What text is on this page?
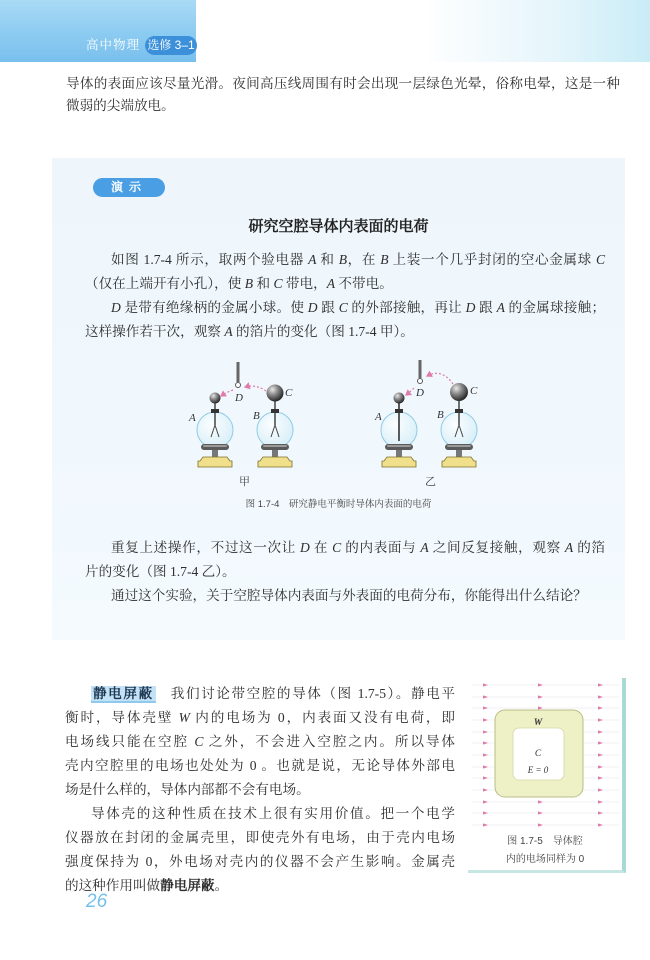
高中物理 选修 3–1
导体的表面应该尽量光滑。夜间高压线周围有时会出现一层绿色光晕，俗称电晕，这是一种
微弱的尖端放电。
演示
研究空腔导体内表面的电荷
如图 1.7-4 所示，取两个验电器 A 和 B，在 B 上装一个几乎封闭的空心金属球 C
（仅在上端开有小孔），使 B 和 C 带电，A 不带电。
D 是带有绝缘柄的金属小球。使 D 跟 C 的外部接触，再让 D 跟 A 的金属球接触；
这样操作若干次，观察 A 的箔片的变化（图 1.7-4 甲）。
A	B
C
D
甲
A	B
C
D
乙
图 1.7-4　研究静电平衡时导体内表面的电荷
重复上述操作，不过这一次让 D 在 C 的内表面与 A 之间反复接触，观察 A 的箔
片的变化（图 1.7-4 乙）。
通过这个实验，关于空腔导体内表面与外表面的电荷分布，你能得出什么结论？
静电屏蔽　我们讨论带空腔的导体（图 1.7-5）。静电平
衡时，导体壳壁 W 内的电场为 0，内表面又没有电荷，即
电场线只能在空腔 C 之外，不会进入空腔之内。所以导体
壳内空腔里的电场也处处为 0 。也就是说，无论导体外部电
场是什么样的，导体内部都不会有电场。
导体壳的这种性质在技术上很有实用价值。把一个电学
仪器放在封闭的金属壳里，即使壳外有电场，由于壳内电场
强度保持为 0，外电场对壳内的仪器不会产生影响。金属壳
的这种作用叫做静电屏蔽。
W
C
E = 0
图 1.7-5　导体腔
内的电场同样为 0
26
